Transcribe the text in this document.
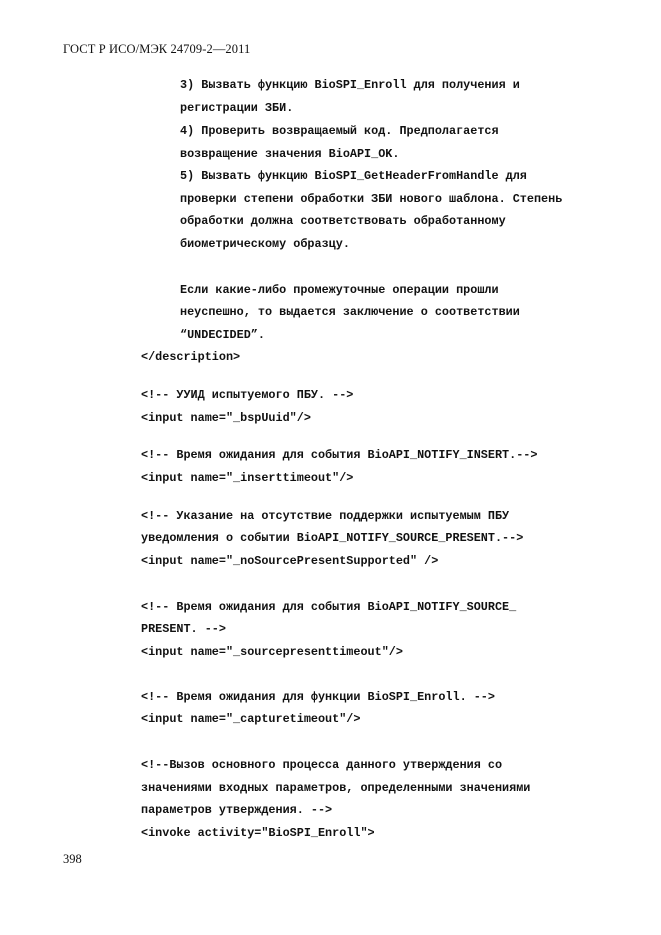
ГОСТ Р ИСО/МЭК 24709-2—2011

3) Вызвать функцию BioSPI_Enroll для получения и

регистрации ЗБИ.

4) Проверить возвращаемый код. Предполагается

возвращение значения BioAPI_OK.

5) Вызвать функцию BioSPI_GetHeaderFromHandle для

проверки степени обработки ЗБИ нового шаблона. Степень

обработки должна соответствовать обработанному

биометрическому образцу.

Если какие-либо промежуточные операции прошли

неуспешно, то выдается заключение о соответствии

“UNDECIDED”.

</description>

<!-- УУИД испытуемого ПБУ. -->

<input name="_bspUuid"/>

<!-- Время ожидания для события BioAPI_NOTIFY_INSERT.-->

<input name="_inserttimeout"/>

<!-- Указание на отсутствие поддержки испытуемым ПБУ

уведомления о событии BioAPI_NOTIFY_SOURCE_PRESENT.-->

<input name="_noSourcePresentSupported" />

<!-- Время ожидания для события BioAPI_NOTIFY_SOURCE_

PRESENT. -->

<input name="_sourcepresenttimeout"/>

<!-- Время ожидания для функции BioSPI_Enroll. -->

<input name="_capturetimeout"/>

<!--Вызов основного процесса данного утверждения со

значениями входных параметров, определенными значениями

параметров утверждения. -->

<invoke activity="BioSPI_Enroll">

398
